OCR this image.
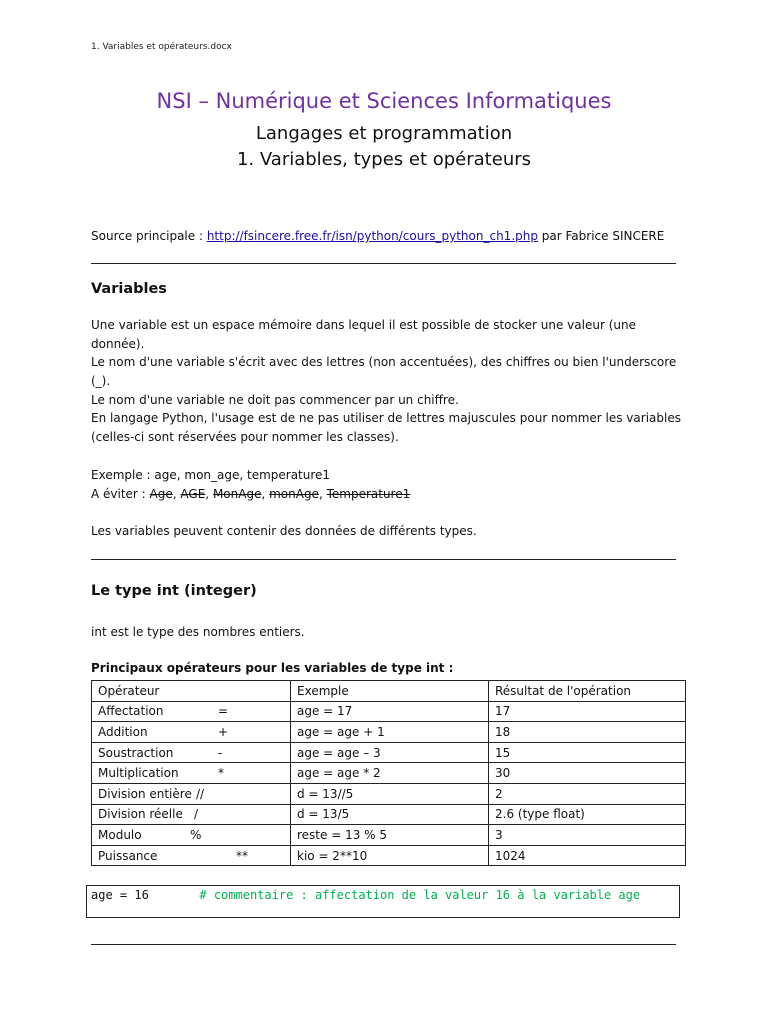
1. Variables et opérateurs.docx
NSI – Numérique et Sciences Informatiques
Langages et programmation
1. Variables, types et opérateurs
Source principale : http://fsincere.free.fr/isn/python/cours_python_ch1.php par Fabrice SINCERE
Variables
Une variable est un espace mémoire dans lequel il est possible de stocker une valeur (une donnée).
Le nom d'une variable s'écrit avec des lettres (non accentuées), des chiffres ou bien l'underscore (_).
Le nom d'une variable ne doit pas commencer par un chiffre.
En langage Python, l'usage est de ne pas utiliser de lettres majuscules pour nommer les variables
(celles-ci sont réservées pour nommer les classes).
Exemple : age, mon_age, temperature1
A éviter : Age, AGE, MonAge, monAge, Temperature1
Les variables peuvent contenir des données de différents types.
Le type int (integer)
int est le type des nombres entiers.
Principaux opérateurs pour les variables de type int :
Opérateur	Exemple	Résultat de l'opération
Affectation =	age = 17	17
Addition +	age = age + 1	18
Soustraction -	age = age – 3	15
Multiplication *	age = age * 2	30
Division entière //	d = 13//5	2
Division réelle /	d = 13/5	2.6 (type float)
Modulo %	reste = 13 % 5	3
Puissance **	kio = 2**10	1024
age = 16       # commentaire : affectation de la valeur 16 à la variable age
